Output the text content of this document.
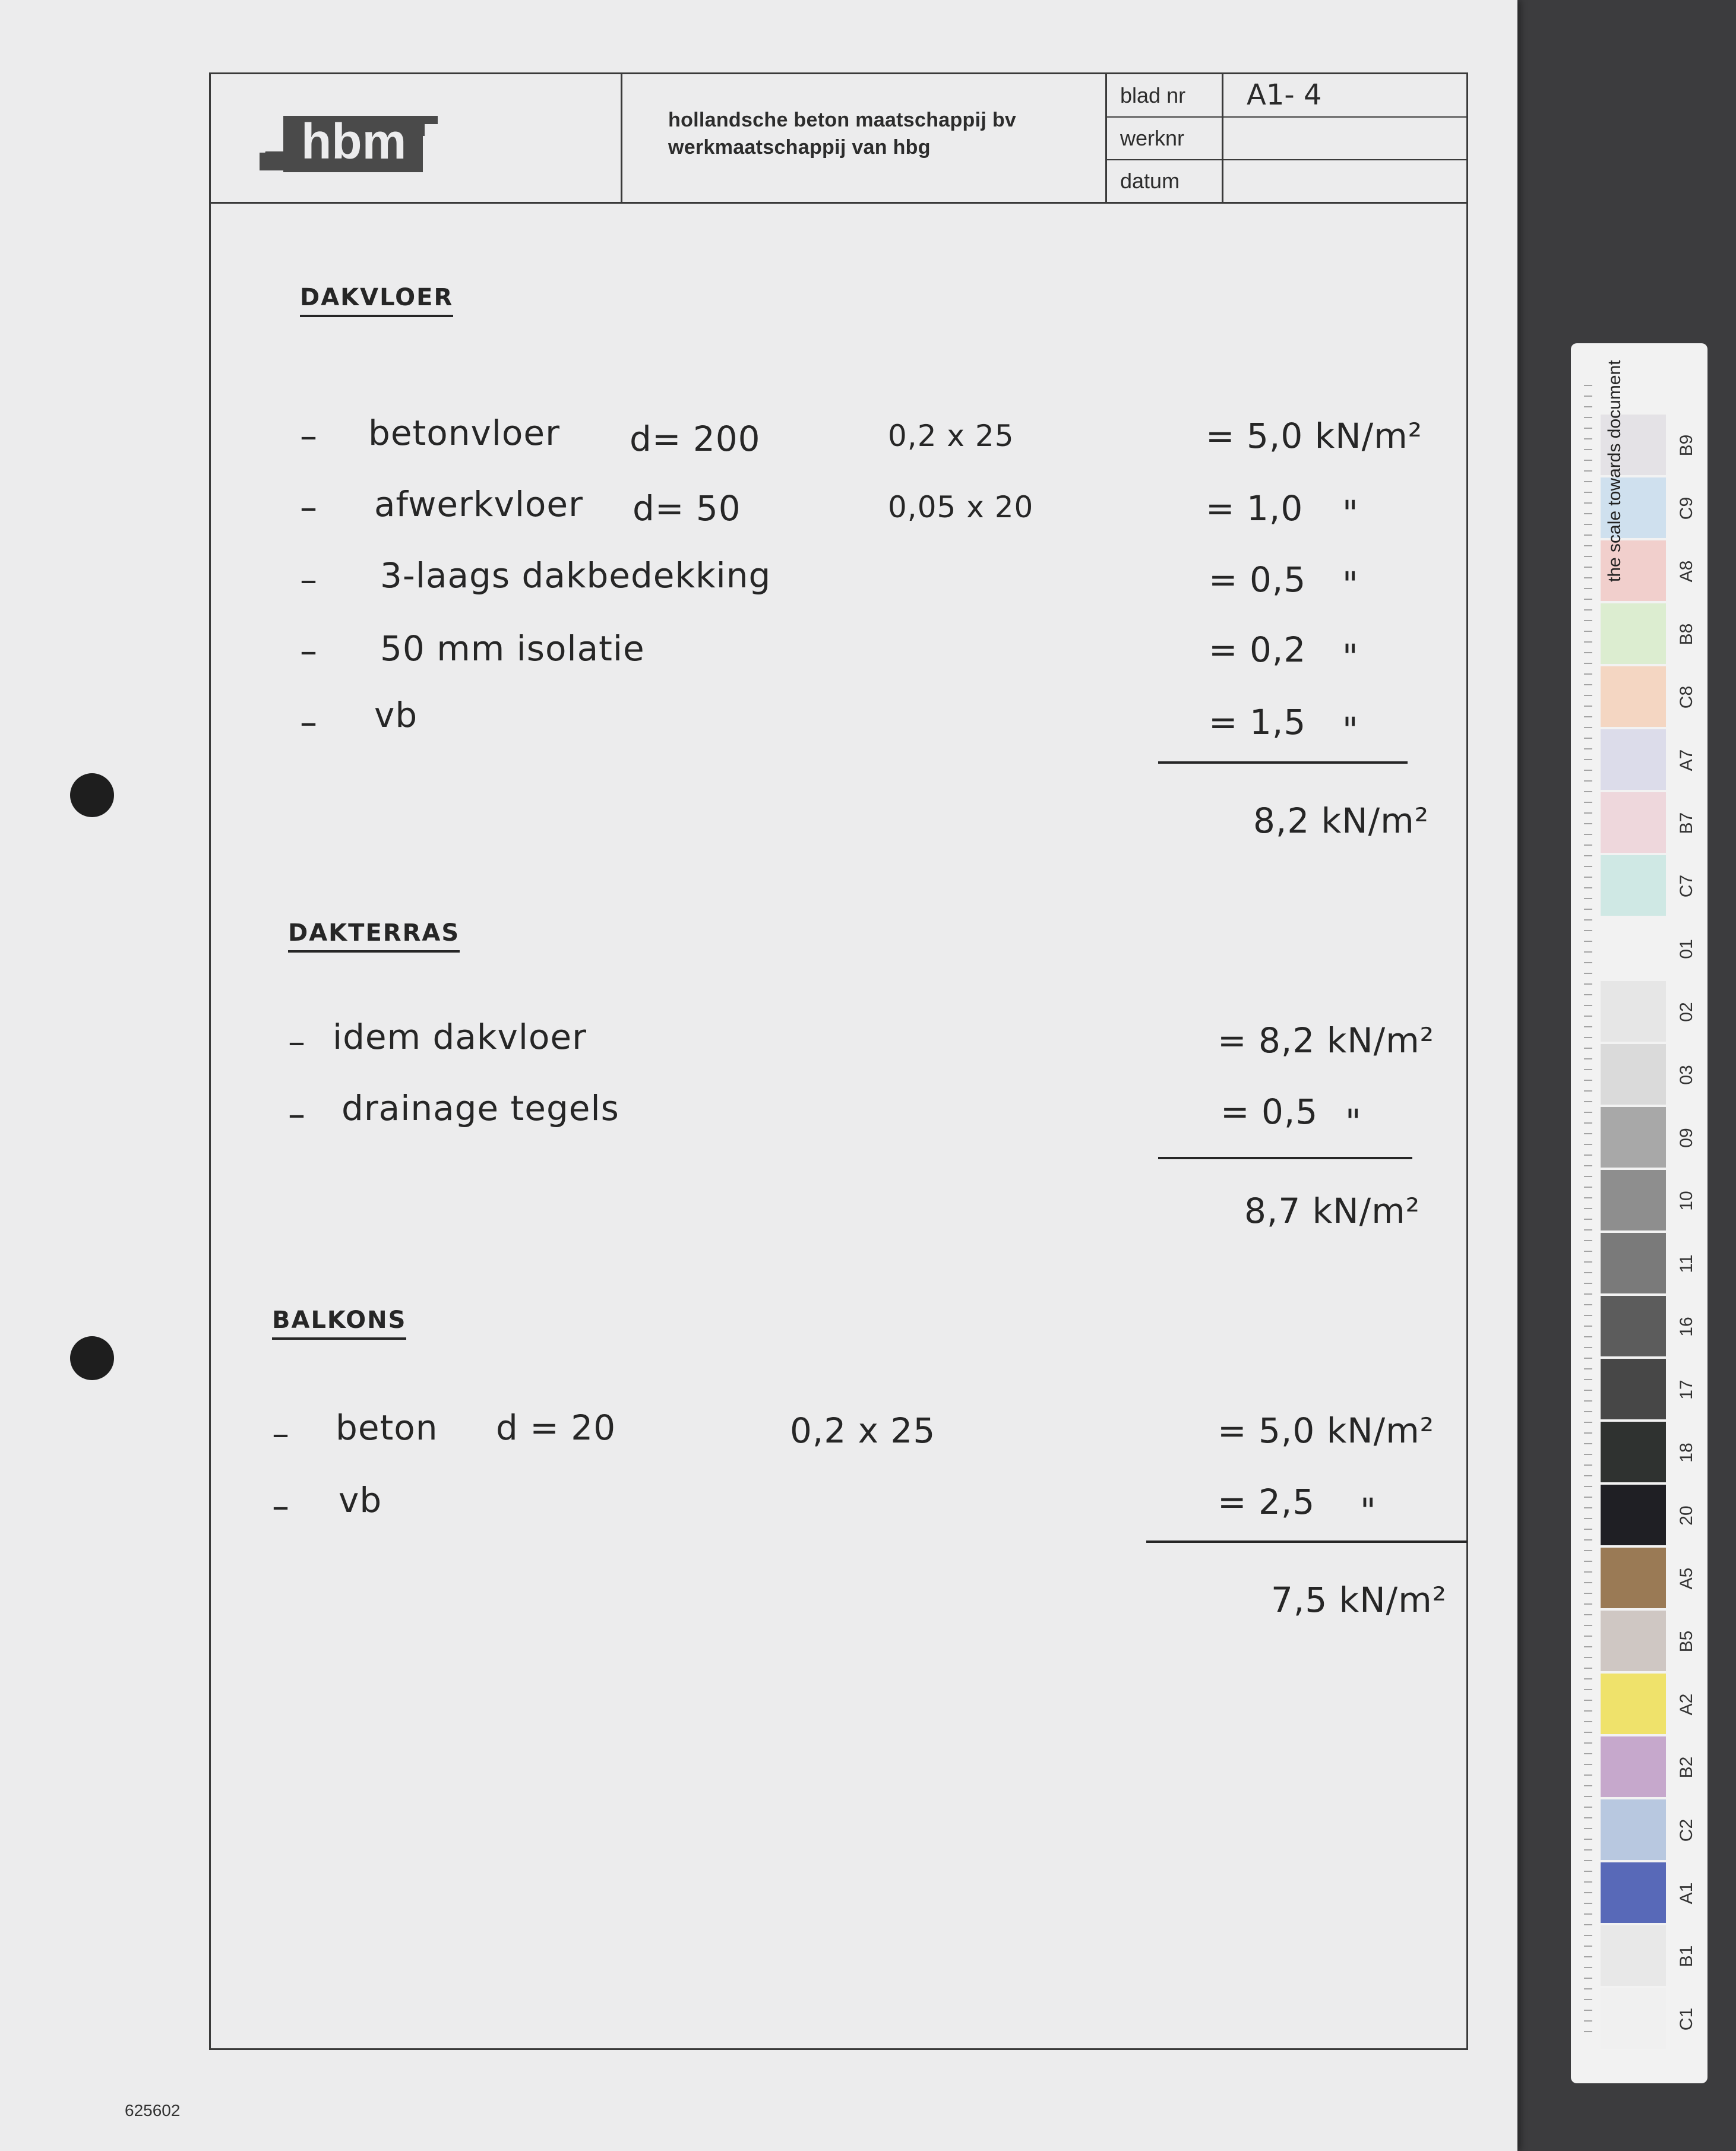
hbm	hollandsche beton maatschappij bv
werkmaatschappij van hbg
blad nr	A1- 4
werknr
datum
DAKVLOER
– betonvloer d= 200	0,2 x 25	= 5,0 kN/m²
– afwerkvloer d= 50	0,05 x 20	= 1,0 "
– 3-laags dakbedekking	= 0,5 "
– 50 mm isolatie	= 0,2 "
– vb	= 1,5 "
8,2 kN/m²
DAKTERRAS
– idem dakvloer	= 8,2 kN/m²
– drainage tegels	= 0,5 "
8,7 kN/m²
BALKONS
– beton d = 20	0,2 x 25	= 5,0 kN/m²
– vb	= 2,5 "
7,5 kN/m²
625602
B9
C9
A8
B8
C8
A7
B7
C7
01
02
03
09
10
11
16
17
18
20
A5
B5
A2
B2
C2
A1
B1
C1
the scale towards document
